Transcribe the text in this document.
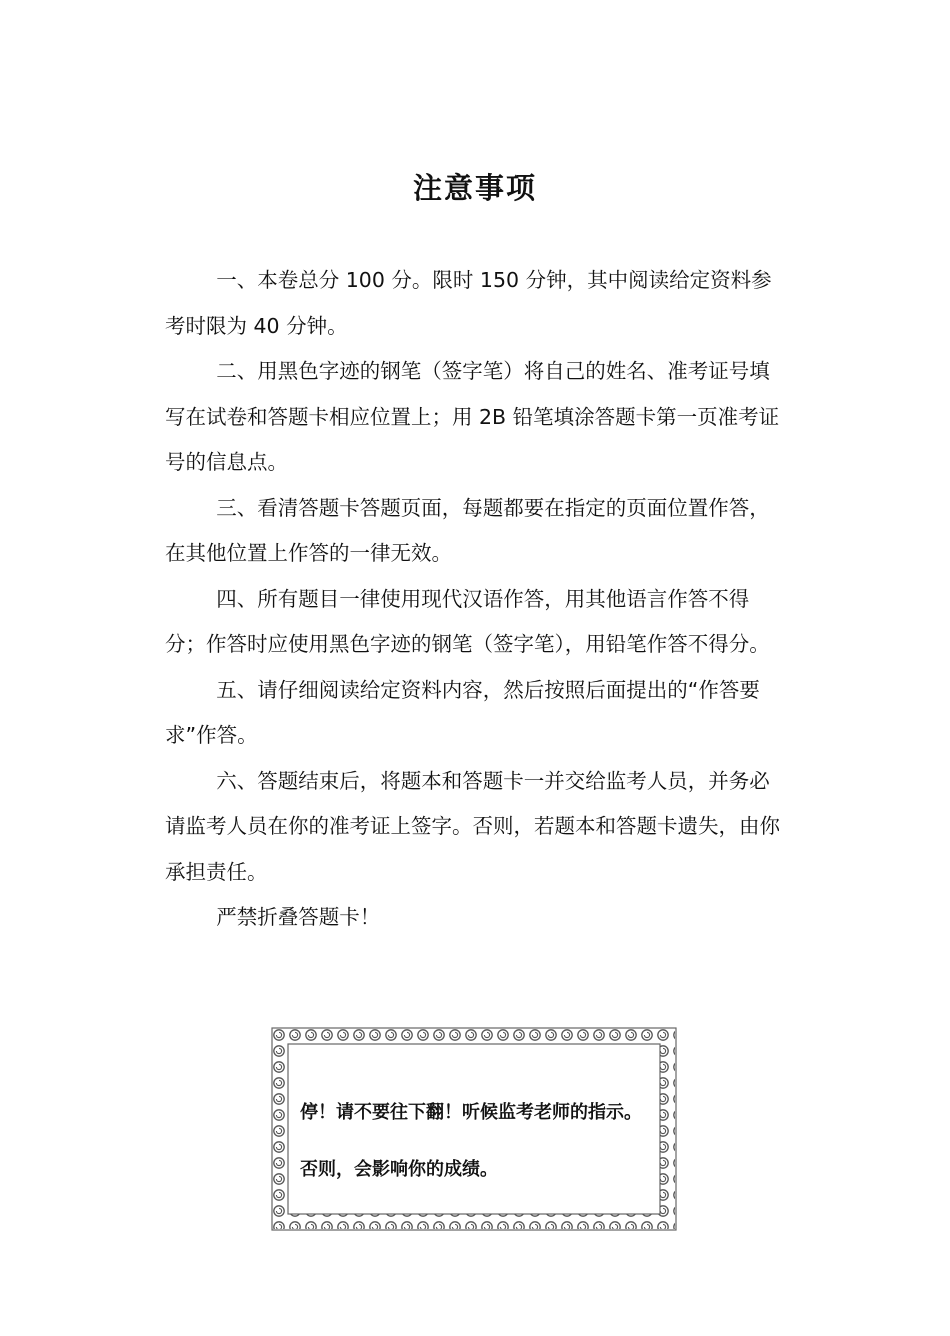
注意事项

一、本卷总分 100 分。限时 150 分钟，其中阅读给定资料参考时限为 40 分钟。

二、用黑色字迹的钢笔（签字笔）将自己的姓名、准考证号填写在试卷和答题卡相应位置上；用 2B 铅笔填涂答题卡第一页准考证号的信息点。

三、看清答题卡答题页面，每题都要在指定的页面位置作答，在其他位置上作答的一律无效。

四、所有题目一律使用现代汉语作答，用其他语言作答不得分；作答时应使用黑色字迹的钢笔（签字笔），用铅笔作答不得分。

五、请仔细阅读给定资料内容，然后按照后面提出的“作答要求”作答。

六、答题结束后，将题本和答题卡一并交给监考人员，并务必请监考人员在你的准考证上签字。否则，若题本和答题卡遗失，由你承担责任。

严禁折叠答题卡！

停！请不要往下翻！听候监考老师的指示。
否则，会影响你的成绩。
